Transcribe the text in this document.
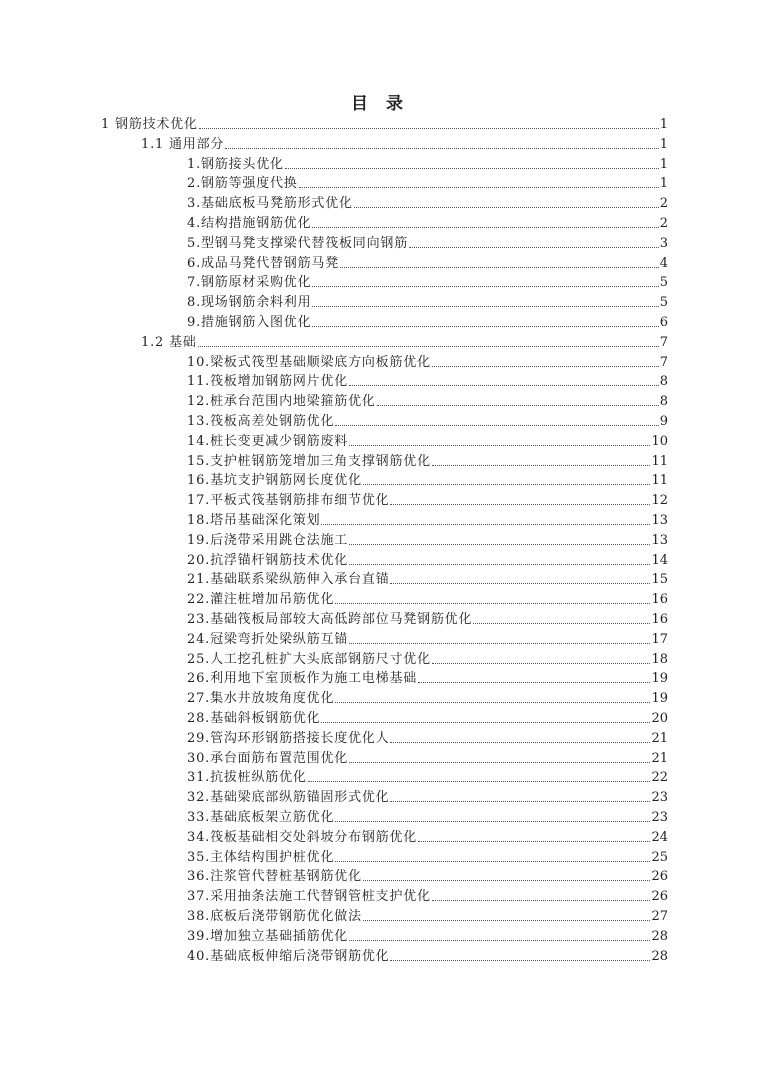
目 录
1 钢筋技术优化	1
1.1 通用部分	1
1.钢筋接头优化	1
2.钢筋等强度代换	1
3.基础底板马凳筋形式优化	2
4.结构措施钢筋优化	2
5.型钢马凳支撑梁代替筏板同向钢筋	3
6.成品马凳代替钢筋马凳	4
7.钢筋原材采购优化	5
8.现场钢筋余料利用	5
9.措施钢筋入图优化	6
1.2 基础	7
10.梁板式筏型基础顺梁底方向板筋优化	7
11.筏板增加钢筋网片优化	8
12.桩承台范围内地梁箍筋优化	8
13.筏板高差处钢筋优化	9
14.桩长变更减少钢筋废料	10
15.支护桩钢筋笼增加三角支撑钢筋优化	11
16.基坑支护钢筋网长度优化	11
17.平板式筏基钢筋排布细节优化	12
18.塔吊基础深化策划	13
19.后浇带采用跳仓法施工	13
20.抗浮锚杆钢筋技术优化	14
21.基础联系梁纵筋伸入承台直锚	15
22.灌注桩增加吊筋优化	16
23.基础筏板局部较大高低跨部位马凳钢筋优化	16
24.冠梁弯折处梁纵筋互锚	17
25.人工挖孔桩扩大头底部钢筋尺寸优化	18
26.利用地下室顶板作为施工电梯基础	19
27.集水井放坡角度优化	19
28.基础斜板钢筋优化	20
29.管沟环形钢筋搭接长度优化人	21
30.承台面筋布置范围优化	21
31.抗拔桩纵筋优化	22
32.基础梁底部纵筋锚固形式优化	23
33.基础底板架立筋优化	23
34.筏板基础相交处斜坡分布钢筋优化	24
35.主体结构围护桩优化	25
36.注浆管代替桩基钢筋优化	26
37.采用抽条法施工代替钢管桩支护优化	26
38.底板后浇带钢筋优化做法	27
39.增加独立基础插筋优化	28
40.基础底板伸缩后浇带钢筋优化	28
